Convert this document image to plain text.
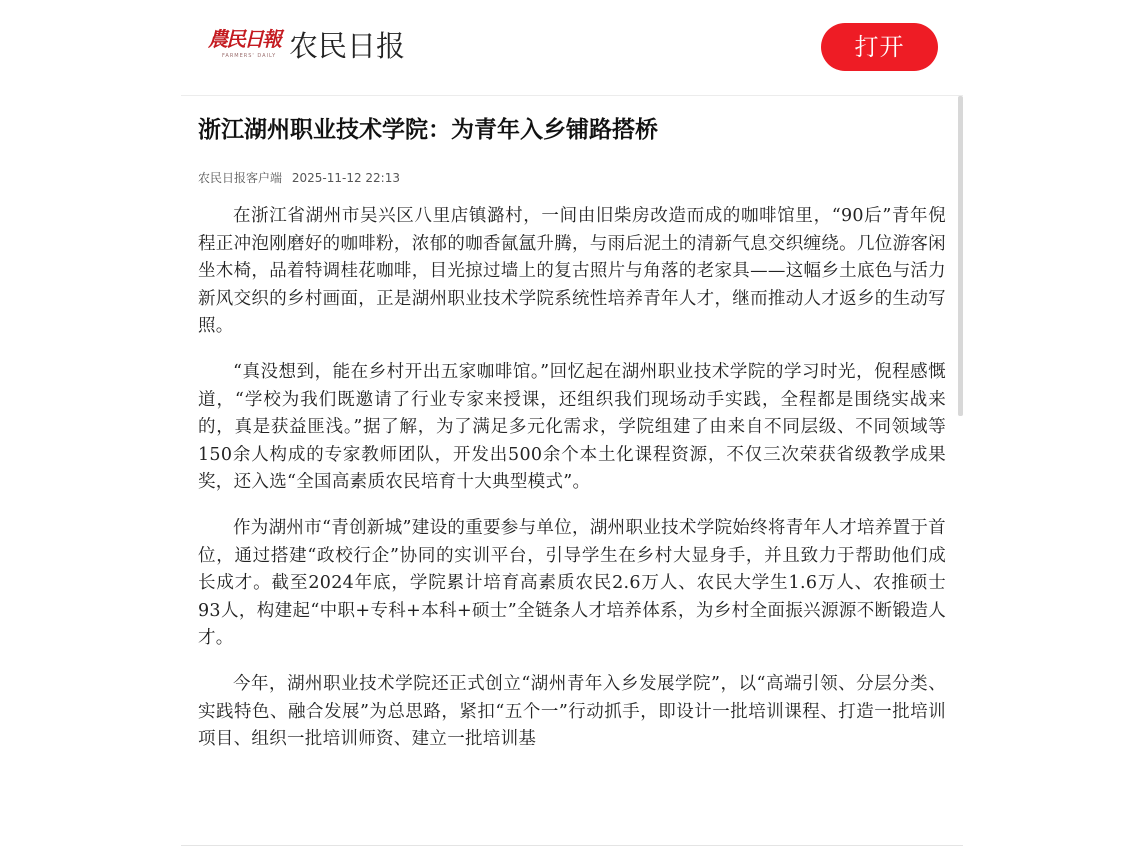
農民日報
FARMERS' DAILY 农民日报	打开
浙江湖州职业技术学院：为青年入乡铺路搭桥
农民日报客户端 2025-11-12 22:13

在浙江省湖州市吴兴区八里店镇潞村，一间由旧柴房改造而成的咖啡馆里，“90后”青年倪程正冲泡刚磨好的咖啡粉，浓郁的咖香氤氲升腾，与雨后泥土的清新气息交织缠绕。几位游客闲坐木椅，品着特调桂花咖啡，目光掠过墙上的复古照片与角落的老家具——这幅乡土底色与活力新风交织的乡村画面，正是湖州职业技术学院系统性培养青年人才，继而推动人才返乡的生动写照。

“真没想到，能在乡村开出五家咖啡馆。”回忆起在湖州职业技术学院的学习时光，倪程感慨道，“学校为我们既邀请了行业专家来授课，还组织我们现场动手实践，全程都是围绕实战来的，真是获益匪浅。”据了解，为了满足多元化需求，学院组建了由来自不同层级、不同领域等150余人构成的专家教师团队，开发出500余个本土化课程资源，不仅三次荣获省级教学成果奖，还入选“全国高素质农民培育十大典型模式”。

作为湖州市“青创新城”建设的重要参与单位，湖州职业技术学院始终将青年人才培养置于首位，通过搭建“政校行企”协同的实训平台，引导学生在乡村大显身手，并且致力于帮助他们成长成才。截至2024年底，学院累计培育高素质农民2.6万人、农民大学生1.6万人、农推硕士93人，构建起“中职+专科+本科+硕士”全链条人才培养体系，为乡村全面振兴源源不断锻造人才。

今年，湖州职业技术学院还正式创立“湖州青年入乡发展学院”，以“高端引领、分层分类、实践特色、融合发展”为总思路，紧扣“五个一”行动抓手，即设计一批培训课程、打造一批培训项目、组织一批培训师资、建立一批培训基
